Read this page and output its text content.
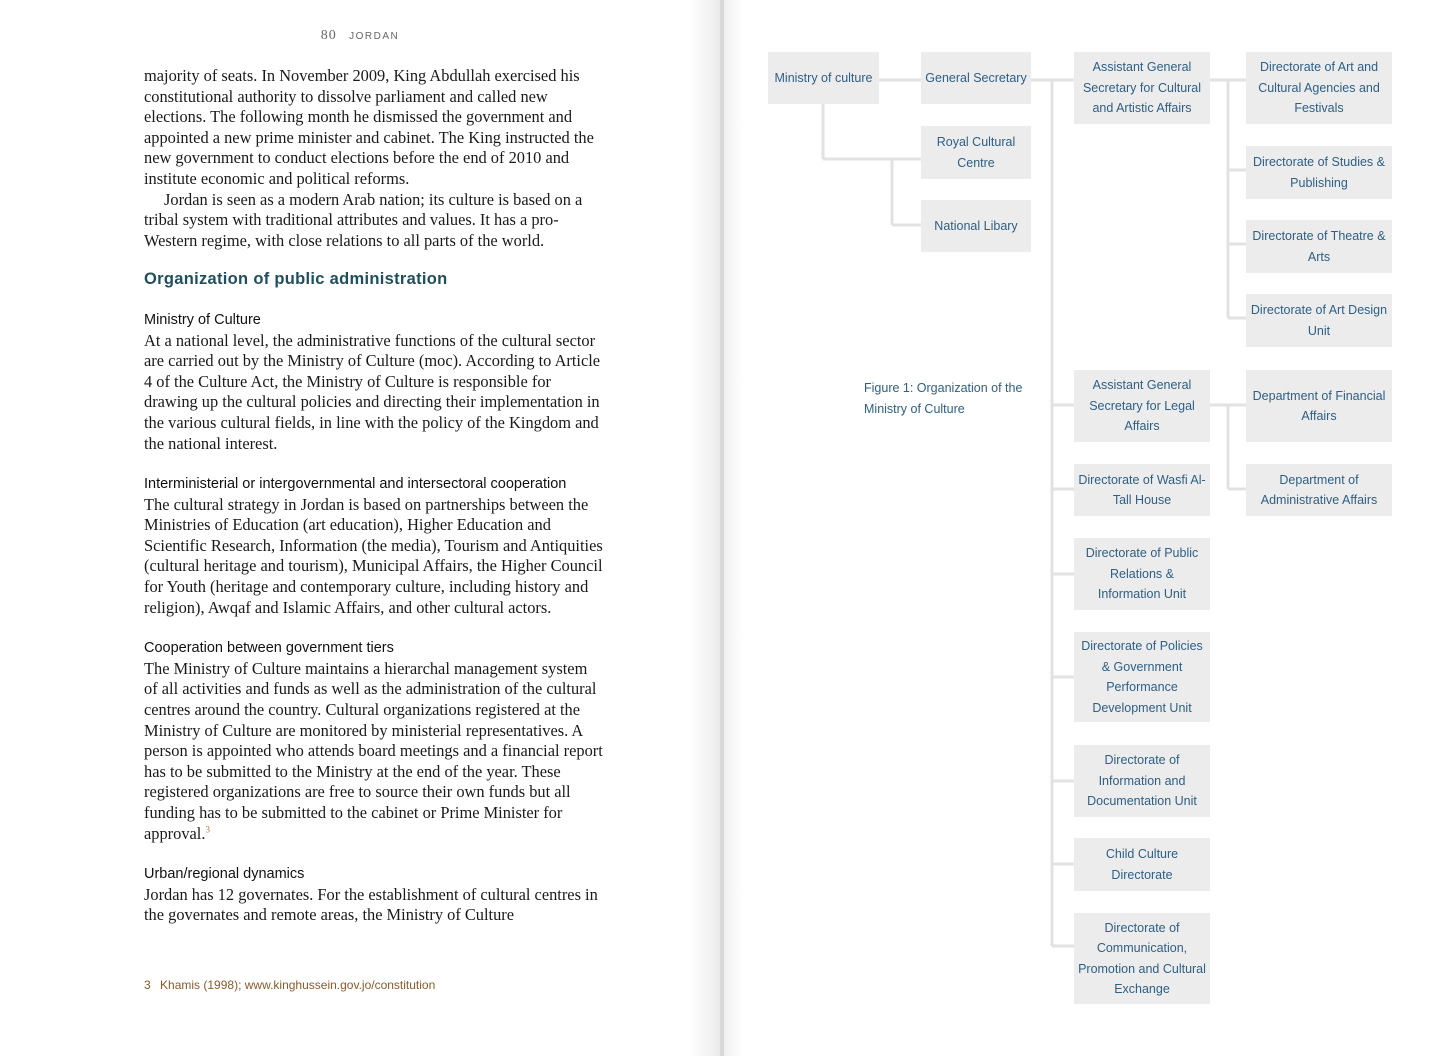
80 JORDAN

majority of seats. In November 2009, King Abdullah exercised his constitutional authority to dissolve parliament and called new elections. The following month he dismissed the government and appointed a new prime minister and cabinet. The King instructed the new government to conduct elections before the end of 2010 and institute economic and political reforms.

Jordan is seen as a modern Arab nation; its culture is based on a tribal system with traditional attributes and values. It has a pro-Western regime, with close relations to all parts of the world.

Organization of public administration
Ministry of Culture

At a national level, the administrative functions of the cultural sector are carried out by the Ministry of Culture (moc). According to Article 4 of the Culture Act, the Ministry of Culture is responsible for drawing up the cultural policies and directing their implementation in the various cultural fields, in line with the policy of the Kingdom and the national interest.

Interministerial or intergovernmental and intersectoral cooperation

The cultural strategy in Jordan is based on partnerships between the Ministries of Education (art education), Higher Education and Scientific Research, Information (the media), Tourism and Antiquities (cultural heritage and tourism), Municipal Affairs, the Higher Council for Youth (heritage and contemporary culture, including history and religion), Awqaf and Islamic Affairs, and other cultural actors.

Cooperation between government tiers

The Ministry of Culture maintains a hierarchal management system of all activities and funds as well as the administration of the cultural centres around the country. Cultural organizations registered at the Ministry of Culture are monitored by ministerial representatives. A person is appointed who attends board meetings and a financial report has to be submitted to the Ministry at the end of the year. These registered organizations are free to source their own funds but all funding has to be submitted to the cabinet or Prime Minister for approval.$^3$

Urban/regional dynamics

Jordan has 12 governates. For the establishment of cultural centres in the governates and remote areas, the Ministry of Culture

3 Khamis (1998); www.kinghussein.gov.jo/constitution
Ministry of culture	General Secretary
Royal Cultural Centre
National Libary
Assistant General Secretary for Cultural and Artistic Affairs
Assistant General Secretary for Legal Affairs
Directorate of Wasfi Al-Tall House
Directorate of Public Relations & Information Unit
Directorate of Policies & Government Performance Development Unit
Directorate of Information and Documentation Unit
Child Culture Directorate
Directorate of Communication, Promotion and Cultural Exchange
Directorate of Art and Cultural Agencies and Festivals
Directorate of Studies & Publishing
Directorate of Theatre & Arts
Directorate of Art Design Unit
Department of Financial Affairs
Department of Administrative Affairs
Figure 1: Organization of the Ministry of Culture
